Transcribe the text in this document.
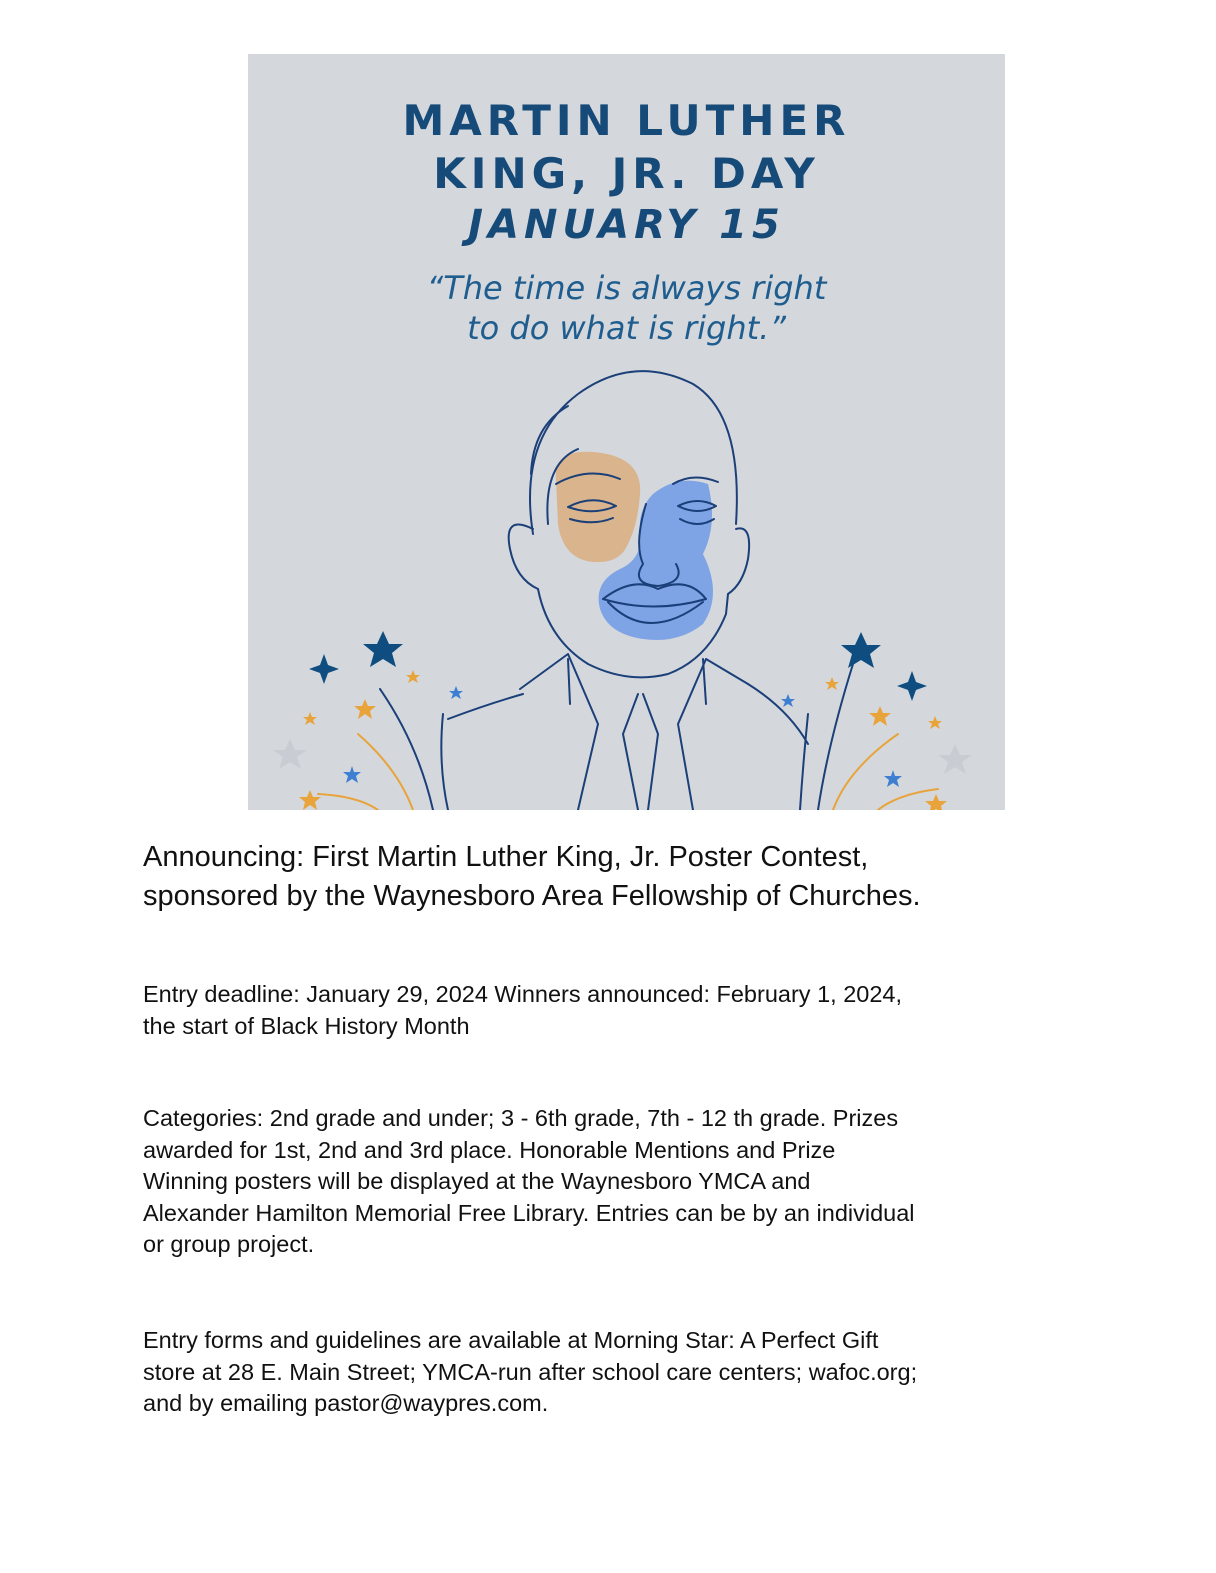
MARTIN LUTHER
KING, JR. DAY
JANUARY 15

“The time is always right

to do what is right.”

Announcing: First Martin Luther King, Jr. Poster Contest,
sponsored by the Waynesboro Area Fellowship of Churches.
Entry deadline: January 29, 2024 Winners announced: February 1, 2024,
the start of Black History Month
Categories: 2nd grade and under; 3 - 6th grade, 7th - 12 th grade. Prizes
awarded for 1st, 2nd and 3rd place. Honorable Mentions and Prize
Winning posters will be displayed at the Waynesboro YMCA and
Alexander Hamilton Memorial Free Library. Entries can be by an individual
or group project.
Entry forms and guidelines are available at Morning Star: A Perfect Gift
store at 28 E. Main Street; YMCA-run after school care centers; wafoc.org;
and by emailing pastor@waypres.com.
